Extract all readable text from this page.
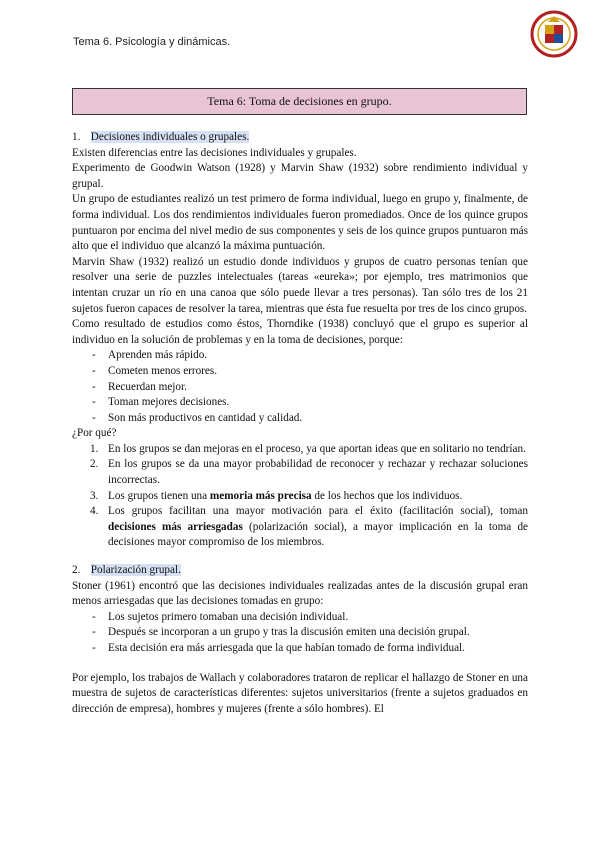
Tema 6. Psicología y dinámicas.
Tema 6: Toma de decisiones en grupo.

1. Decisiones individuales o grupales.

Existen diferencias entre las decisiones individuales y grupales.

Experimento de Goodwin Watson (1928) y Marvin Shaw (1932) sobre rendimiento individual y grupal.

Un grupo de estudiantes realizó un test primero de forma individual, luego en grupo y, finalmente, de forma individual. Los dos rendimientos individuales fueron promediados. Once de los quince grupos puntuaron por encima del nivel medio de sus componentes y seis de los quince grupos puntuaron más alto que el individuo que alcanzó la máxima puntuación.

Marvin Shaw (1932) realizó un estudio donde individuos y grupos de cuatro personas tenían que resolver una serie de puzzles intelectuales (tareas «eureka»; por ejemplo, tres matrimonios que intentan cruzar un río en una canoa que sólo puede llevar a tres personas). Tan sólo tres de los 21 sujetos fueron capaces de resolver la tarea, mientras que ésta fue resuelta por tres de los cinco grupos.

Como resultado de estudios como éstos, Thorndike (1938) concluyó que el grupo es superior al individuo en la solución de problemas y en la toma de decisiones, porque:

- Aprenden más rápido.
- Cometen menos errores.
- Recuerdan mejor.
- Toman mejores decisiones.
- Son más productivos en cantidad y calidad.

¿Por qué?

1. En los grupos se dan mejoras en el proceso, ya que aportan ideas que en solitario no tendrían.
2. En los grupos se da una mayor probabilidad de reconocer y rechazar y rechazar soluciones incorrectas.
3. Los grupos tienen una memoria más precisa de los hechos que los individuos.
4. Los grupos facilitan una mayor motivación para el éxito (facilitación social), toman decisiones más arriesgadas (polarización social), a mayor implicación en la toma de decisiones mayor compromiso de los miembros.

2. Polarización grupal.

Stoner (1961) encontró que las decisiones individuales realizadas antes de la discusión grupal eran menos arriesgadas que las decisiones tomadas en grupo:

- Los sujetos primero tomaban una decisión individual.
- Después se incorporan a un grupo y tras la discusión emiten una decisión grupal.
- Esta decisión era más arriesgada que la que habían tomado de forma individual.

Por ejemplo, los trabajos de Wallach y colaboradores trataron de replicar el hallazgo de Stoner en una muestra de sujetos de características diferentes: sujetos universitarios (frente a sujetos graduados en dirección de empresa), hombres y mujeres (frente a sólo hombres). El
